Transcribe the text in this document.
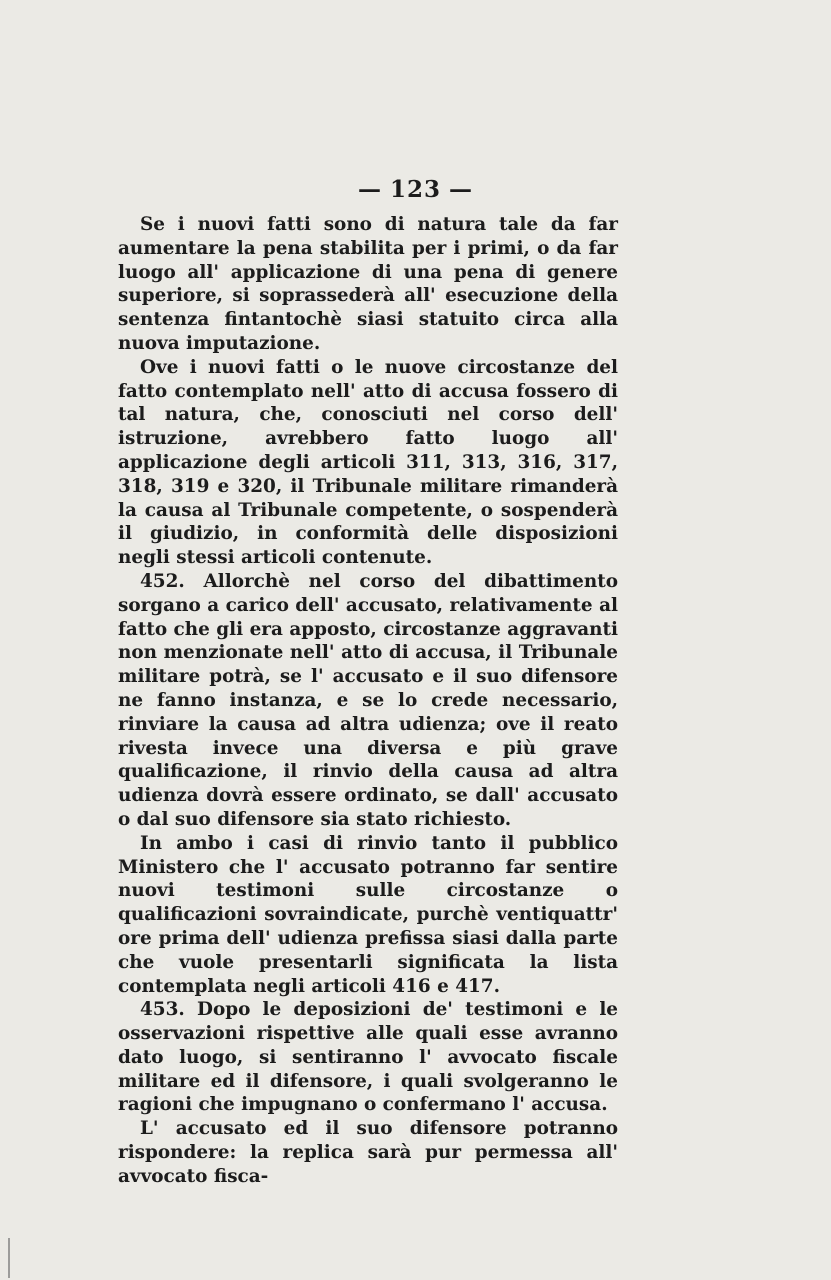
— 123 —

Se i nuovi fatti sono di natura tale da far aumentare la pena stabilita per i primi, o da far luogo all' applicazione di una pena di genere superiore, si soprassederà all' esecuzione della sentenza fintantochè siasi statuito circa alla nuova imputazione.

Ove i nuovi fatti o le nuove circostanze del fatto contemplato nell' atto di accusa fossero di tal natura, che, conosciuti nel corso dell' istruzione, avrebbero fatto luogo all' applicazione degli articoli 311, 313, 316, 317, 318, 319 e 320, il Tribunale militare rimanderà la causa al Tribunale competente, o sospenderà il giudizio, in conformità delle disposizioni negli stessi articoli contenute.

452. Allorchè nel corso del dibattimento sorgano a carico dell' accusato, relativamente al fatto che gli era apposto, circostanze aggravanti non menzionate nell' atto di accusa, il Tribunale militare potrà, se l' accusato e il suo difensore ne fanno instanza, e se lo crede necessario, rinviare la causa ad altra udienza; ove il reato rivesta invece una diversa e più grave qualificazione, il rinvio della causa ad altra udienza dovrà essere ordinato, se dall' accusato o dal suo difensore sia stato richiesto.

In ambo i casi di rinvio tanto il pubblico Ministero che l' accusato potranno far sentire nuovi testimoni sulle circostanze o qualificazioni sovraindicate, purchè ventiquattr' ore prima dell' udienza prefissa siasi dalla parte che vuole presentarli significata la lista contemplata negli articoli 416 e 417.

453. Dopo le deposizioni de' testimoni e le osservazioni rispettive alle quali esse avranno dato luogo, si sentiranno l' avvocato fiscale militare ed il difensore, i quali svolgeranno le ragioni che impugnano o confermano l' accusa.

L' accusato ed il suo difensore potranno rispondere: la replica sarà pur permessa all' avvocato fisca-
